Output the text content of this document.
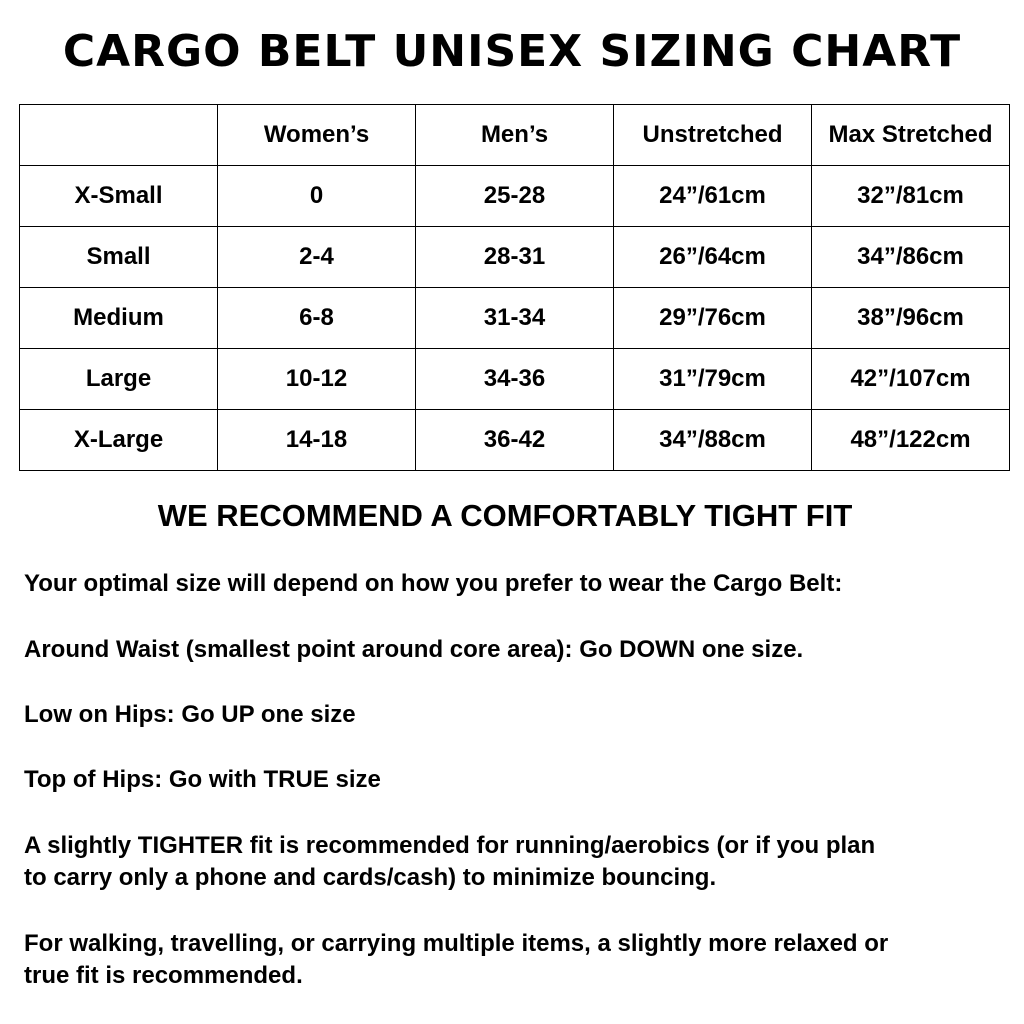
CARGO BELT UNISEX SIZING CHART
	Women’s	Men’s	Unstretched	Max Stretched
X-Small	0	25-28	24”/61cm	32”/81cm
Small	2-4	28-31	26”/64cm	34”/86cm
Medium	6-8	31-34	29”/76cm	38”/96cm
Large	10-12	34-36	31”/79cm	42”/107cm
X-Large	14-18	36-42	34”/88cm	48”/122cm
WE RECOMMEND A COMFORTABLY TIGHT FIT
Your optimal size will depend on how you prefer to wear the Cargo Belt:
Around Waist (smallest point around core area): Go DOWN one size.
Low on Hips: Go UP one size
Top of Hips: Go with TRUE size
A slightly TIGHTER fit is recommended for running/aerobics (or if you plan
to carry only a phone and cards/cash) to minimize bouncing.
For walking, travelling, or carrying multiple items, a slightly more relaxed or
true fit is recommended.
